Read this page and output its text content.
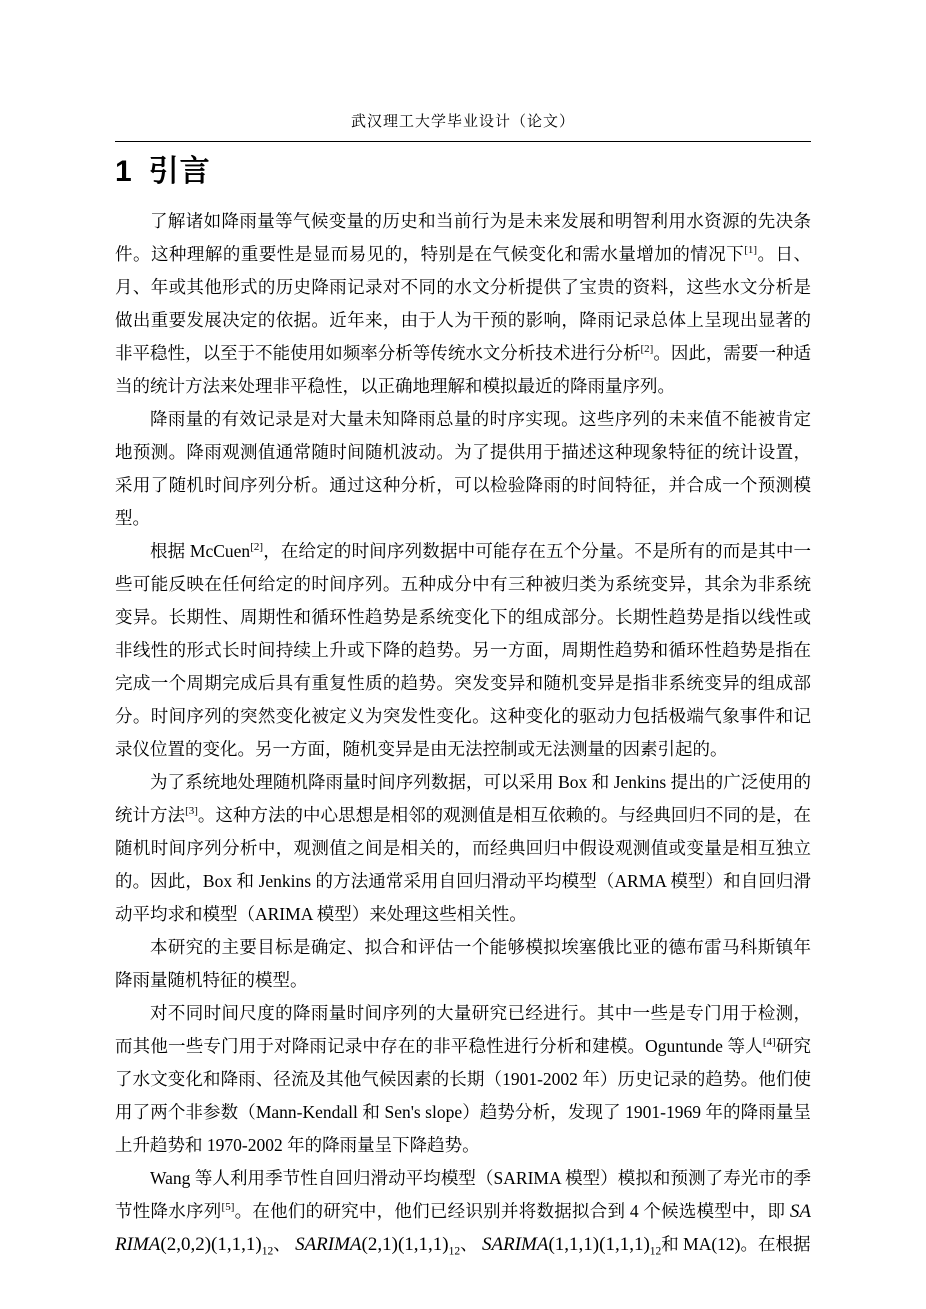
武汉理工大学毕业设计（论文）
1 引言

了解诸如降雨量等气候变量的历史和当前行为是未来发展和明智利用水资源的先决条件。这种理解的重要性是显而易见的，特别是在气候变化和需水量增加的情况下[1]。日、月、年或其他形式的历史降雨记录对不同的水文分析提供了宝贵的资料，这些水文分析是做出重要发展决定的依据。近年来，由于人为干预的影响，降雨记录总体上呈现出显著的非平稳性，以至于不能使用如频率分析等传统水文分析技术进行分析[2]。因此，需要一种适当的统计方法来处理非平稳性，以正确地理解和模拟最近的降雨量序列。

降雨量的有效记录是对大量未知降雨总量的时序实现。这些序列的未来值不能被肯定地预测。降雨观测值通常随时间随机波动。为了提供用于描述这种现象特征的统计设置，采用了随机时间序列分析。通过这种分析，可以检验降雨的时间特征，并合成一个预测模型。

根据 McCuen[2]，在给定的时间序列数据中可能存在五个分量。不是所有的而是其中一些可能反映在任何给定的时间序列。五种成分中有三种被归类为系统变异，其余为非系统变异。长期性、周期性和循环性趋势是系统变化下的组成部分。长期性趋势是指以线性或非线性的形式长时间持续上升或下降的趋势。另一方面，周期性趋势和循环性趋势是指在完成一个周期完成后具有重复性质的趋势。突发变异和随机变异是指非系统变异的组成部分。时间序列的突然变化被定义为突发性变化。这种变化的驱动力包括极端气象事件和记录仪位置的变化。另一方面，随机变异是由无法控制或无法测量的因素引起的。

为了系统地处理随机降雨量时间序列数据，可以采用 Box 和 Jenkins 提出的广泛使用的统计方法[3]。这种方法的中心思想是相邻的观测值是相互依赖的。与经典回归不同的是，在随机时间序列分析中，观测值之间是相关的，而经典回归中假设观测值或变量是相互独立的。因此，Box 和 Jenkins 的方法通常采用自回归滑动平均模型（ARMA 模型）和自回归滑动平均求和模型（ARIMA 模型）来处理这些相关性。

本研究的主要目标是确定、拟合和评估一个能够模拟埃塞俄比亚的德布雷马科斯镇年降雨量随机特征的模型。

对不同时间尺度的降雨量时间序列的大量研究已经进行。其中一些是专门用于检测，而其他一些专门用于对降雨记录中存在的非平稳性进行分析和建模。Oguntunde 等人[4]研究了水文变化和降雨、径流及其他气候因素的长期（1901-2002 年）历史记录的趋势。他们使用了两个非参数（Mann-Kendall 和 Sen's slope）趋势分析，发现了 1901-1969 年的降雨量呈上升趋势和 1970-2002 年的降雨量呈下降趋势。

Wang 等人利用季节性自回归滑动平均模型（SARIMA 模型）模拟和预测了寿光市的季节性降水序列[5]。在他们的研究中，他们已经识别并将数据拟合到 4 个候选模型中，即 $SARIMA(2,0,2)(1,1,1)_{12}$、 $SARIMA(2,1)(1,1,1)_{12}$、 $SARIMA(1,1,1)(1,1,1)_{12}$和 MA(12)。在根据
